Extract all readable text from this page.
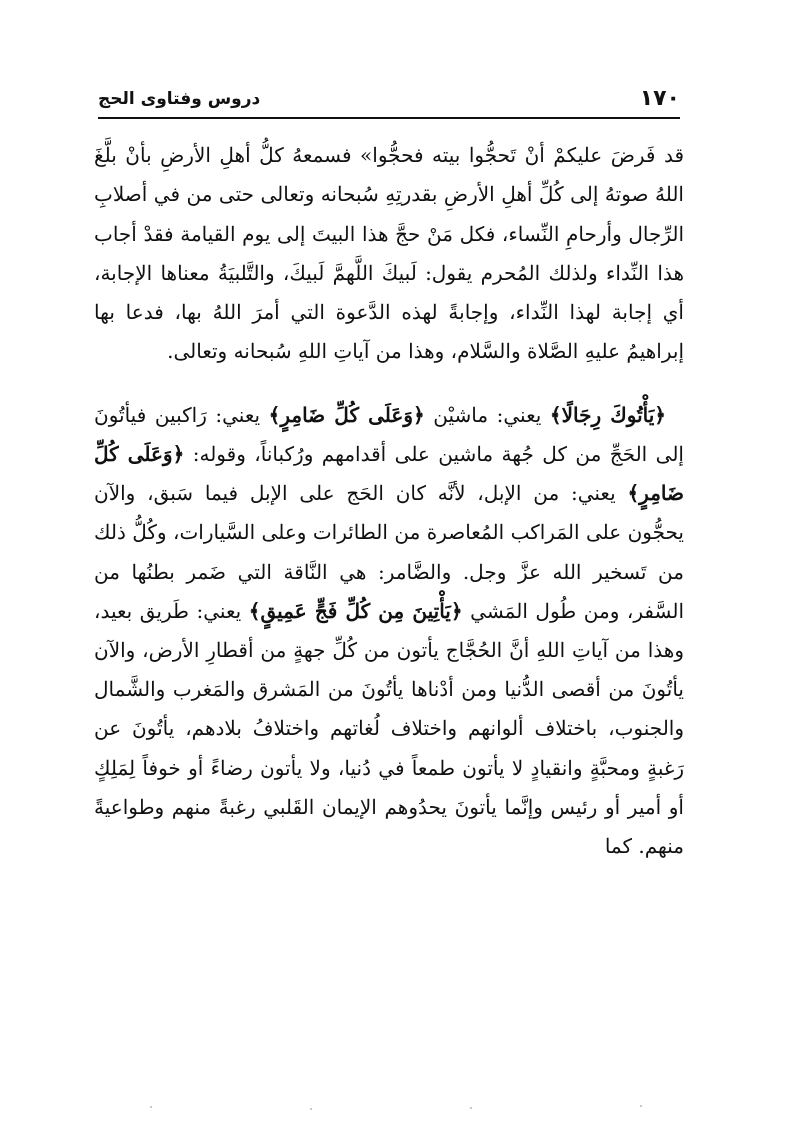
١٧٠
دروس وفتاوى الحج

قد فَرضَ عليكمْ أنْ تَحجُّوا بيته فحجُّوا» فسمعهُ كلُّ أهلِ الأرضِ بأنْ بلَّغَ اللهُ صوتهُ إلى كُلِّ أهلِ الأرضِ بقدرتِهِ سُبحانه وتعالى حتى من في أصلابِ الرِّجال وأرحامِ النِّساء، فكل مَنْ حجَّ هذا البيتَ إلى يوم القيامة فقدْ أجاب هذا النِّداء ولذلك المُحرم يقول: لَبيكَ اللَّهمَّ لَبيكَ، والتَّلبيَةُ معناها الإجابة، أي إجابة لهذا النِّداء، وإجابةً لهذه الدَّعوة التي أمرَ اللهُ بها، فدعا بها إبراهيمُ عليهِ الصَّلاة والسَّلام، وهذا من آياتِ اللهِ سُبحانه وتعالى.

﴿يَأْتُوكَ رِجَالًا﴾ يعني: ماشيْن ﴿وَعَلَى كُلِّ ضَامِرٍ﴾ يعني: رَاكبين فيأتُونَ إلى الحَجِّ من كل جُهة ماشين على أقدامهم ورُكباناً، وقوله: ﴿وَعَلَى كُلِّ ضَامِرٍ﴾ يعني: من الإبل، لأنَّه كان الحَج على الإبل فيما سَبق، والآن يحجُّون على المَراكب المُعاصرة من الطائرات وعلى السَّيارات، وكُلُّ ذلك من تَسخير الله عزَّ وجل. والضَّامر: هي النَّاقة التي ضَمر بطنُها من السَّفر، ومن طُول المَشي ﴿يَأْتِينَ مِن كُلِّ فَجٍّ عَمِيقٍ﴾ يعني: طَريق بعيد، وهذا من آياتِ اللهِ أنَّ الحُجَّاج يأتون من كُلِّ جهةٍ من أقطارِ الأرض، والآن يأتُونَ من أقصى الدُّنيا ومن أدْناها يأتُونَ من المَشرق والمَغرب والشَّمال والجنوب، باختلاف ألوانهم واختلاف لُغاتهم واختلافُ بلادهم، يأتُونَ عن رَغبةٍ ومحبَّةٍ وانقيادٍ لا يأتون طمعاً في دُنيا، ولا يأتون رضاءً أو خوفاً لِمَلِكٍ أو أمير أو رئيس وإنَّما يأتونَ يحدُوهم الإيمان القَلبي رغبةً منهم وطواعيةً منهم. كما
